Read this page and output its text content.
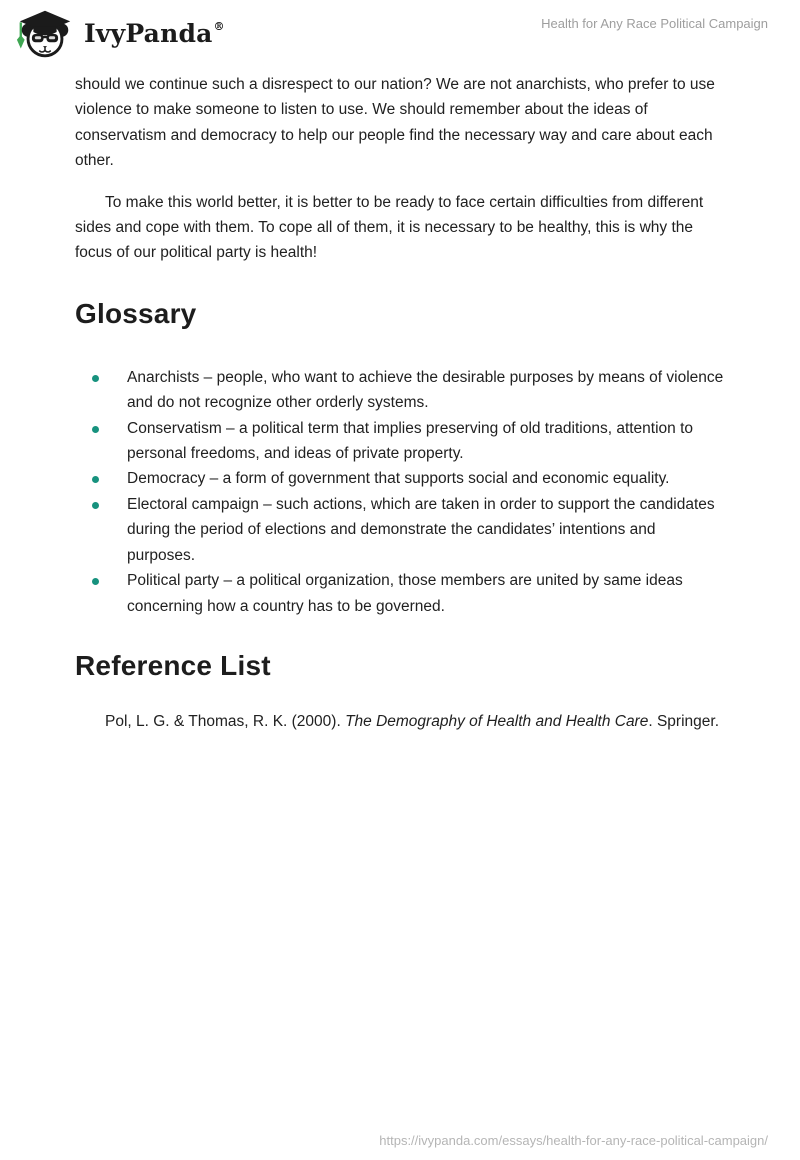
IvyPanda ®	Health for Any Race Political Campaign

should we continue such a disrespect to our nation? We are not anarchists, who prefer to use violence to make someone to listen to use. We should remember about the ideas of conservatism and democracy to help our people find the necessary way and care about each other.

To make this world better, it is better to be ready to face certain difficulties from different sides and cope with them. To cope all of them, it is necessary to be healthy, this is why the focus of our political party is health!

Glossary
Anarchists – people, who want to achieve the desirable purposes by means of violence and do not recognize other orderly systems.
Conservatism – a political term that implies preserving of old traditions, attention to personal freedoms, and ideas of private property.
Democracy – a form of government that supports social and economic equality.
Electoral campaign – such actions, which are taken in order to support the candidates during the period of elections and demonstrate the candidates’ intentions and purposes.
Political party – a political organization, those members are united by same ideas concerning how a country has to be governed.
Reference List

Pol, L. G. & Thomas, R. K. (2000). The Demography of Health and Health Care. Springer.

https://ivypanda.com/essays/health-for-any-race-political-campaign/
